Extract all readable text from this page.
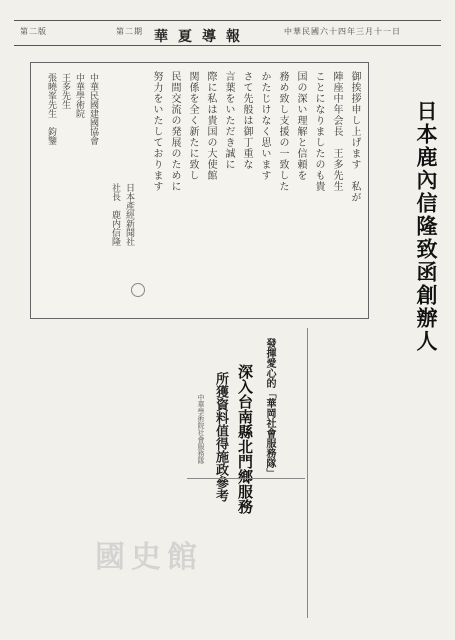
第二版	第二期 華夏導報	中華民國六十四年三月十一日
御挨拶申し上げます　私が
陣座中年会長　王多先生
ことになりましたのも貴
国の深い理解と信頼を
務め致し支援の一致した
かたじけなく思います
さて先般は御丁重な
言葉をいただき誠に
際に私は貴国の大使館
関係を全く新たに致し
民間交流の発展のために
努力をいたしております
中華民國建國協會
中華學術院
王多先生
張曉峯先生　鈞鑒
日本產經新聞社
社長　鹿内信隆	日本鹿內信隆致函創辦人
發揮愛心的「華岡社會服務隊」
深入台南縣北門鄉服務
所獲資料值得施政參考
中華學術院社會服務隊
國史館
